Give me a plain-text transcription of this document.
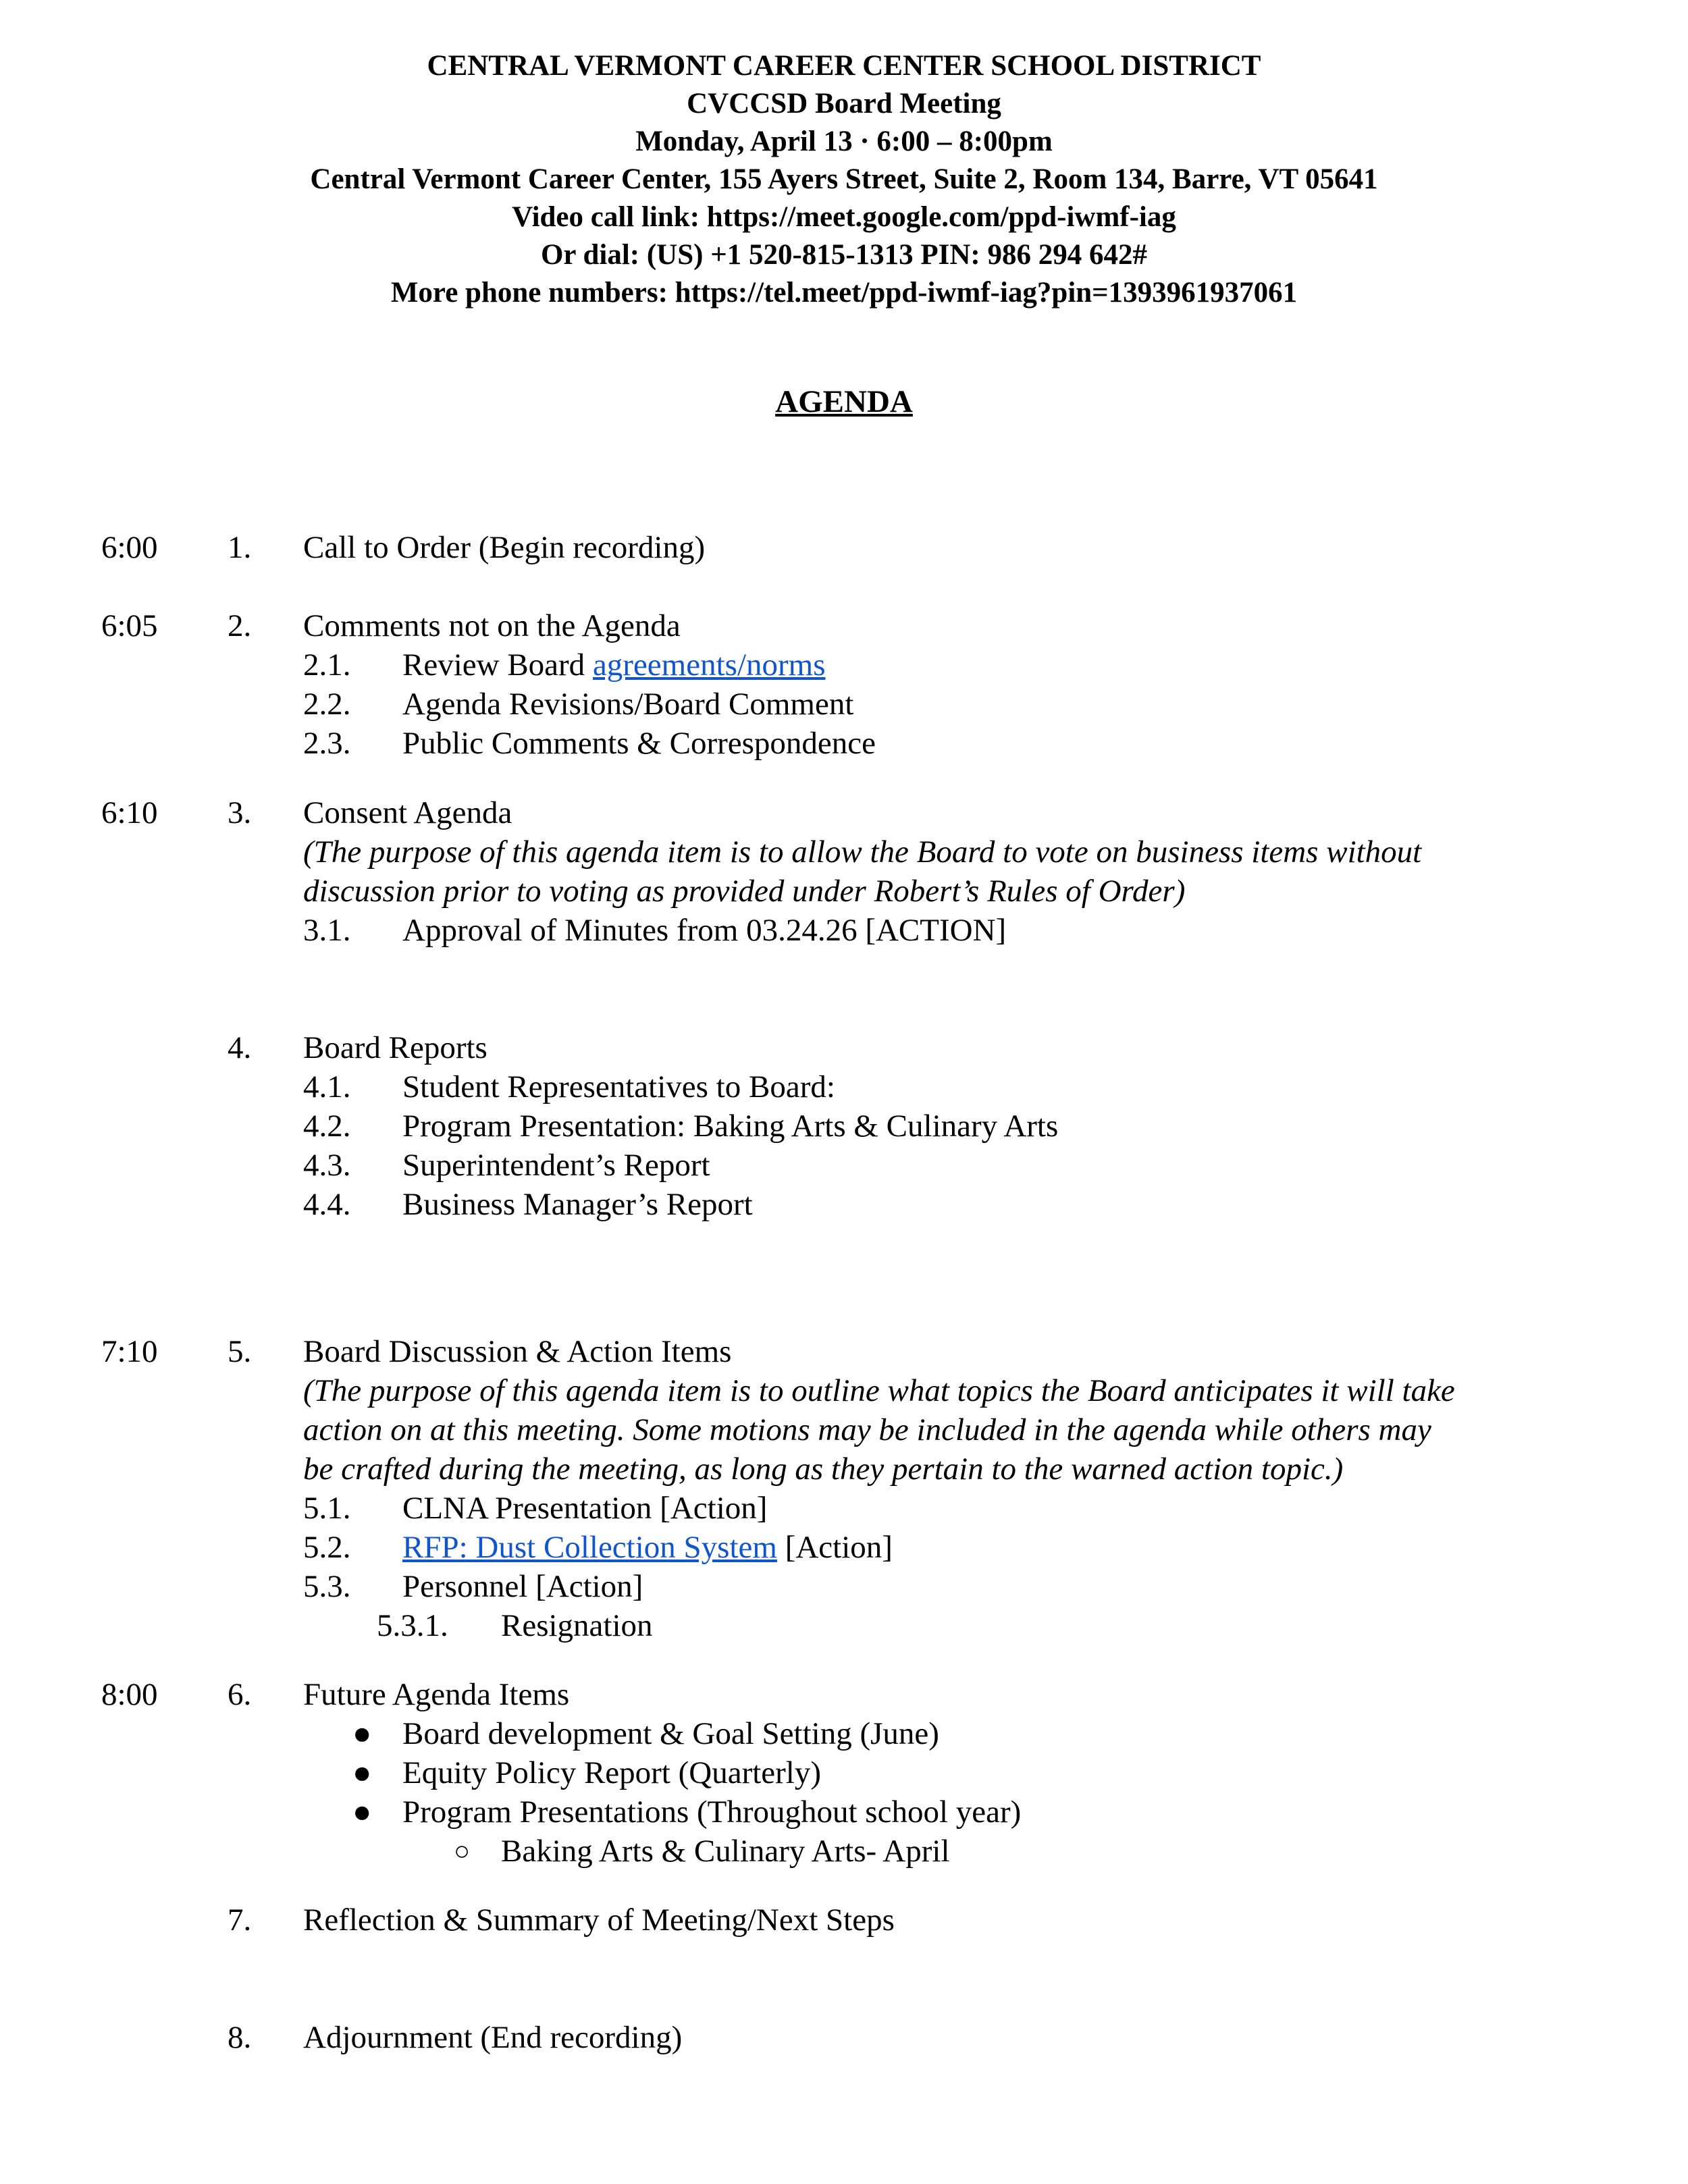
CENTRAL VERMONT CAREER CENTER SCHOOL DISTRICT
CVCCSD Board Meeting
Monday, April 13 · 6:00 – 8:00pm
Central Vermont Career Center, 155 Ayers Street, Suite 2, Room 134, Barre, VT 05641
Video call link: https://meet.google.com/ppd-iwmf-iag
Or dial: (US) +1 520-815-1313 PIN: 986 294 642#
More phone numbers: https://tel.meet/ppd-iwmf-iag?pin=1393961937061
AGENDA
6:00 1. Call to Order (Begin recording)
6:05 2. Comments not on the Agenda
2.1. Review Board agreements/norms
2.2. Agenda Revisions/Board Comment
2.3. Public Comments & Correspondence
6:10 3. Consent Agenda
(The purpose of this agenda item is to allow the Board to vote on business items without
discussion prior to voting as provided under Robert’s Rules of Order)
3.1. Approval of Minutes from 03.24.26 [ACTION]
4. Board Reports
4.1. Student Representatives to Board:
4.2. Program Presentation: Baking Arts & Culinary Arts
4.3. Superintendent’s Report
4.4. Business Manager’s Report
7:10 5. Board Discussion & Action Items
(The purpose of this agenda item is to outline what topics the Board anticipates it will take
action on at this meeting. Some motions may be included in the agenda while others may
be crafted during the meeting, as long as they pertain to the warned action topic.)
5.1. CLNA Presentation [Action]
5.2. RFP: Dust Collection System [Action]
5.3. Personnel [Action]
5.3.1. Resignation
8:00 6. Future Agenda Items
● Board development & Goal Setting (June)
● Equity Policy Report (Quarterly)
● Program Presentations (Throughout school year)
○ Baking Arts & Culinary Arts- April
7. Reflection & Summary of Meeting/Next Steps
8. Adjournment (End recording)
